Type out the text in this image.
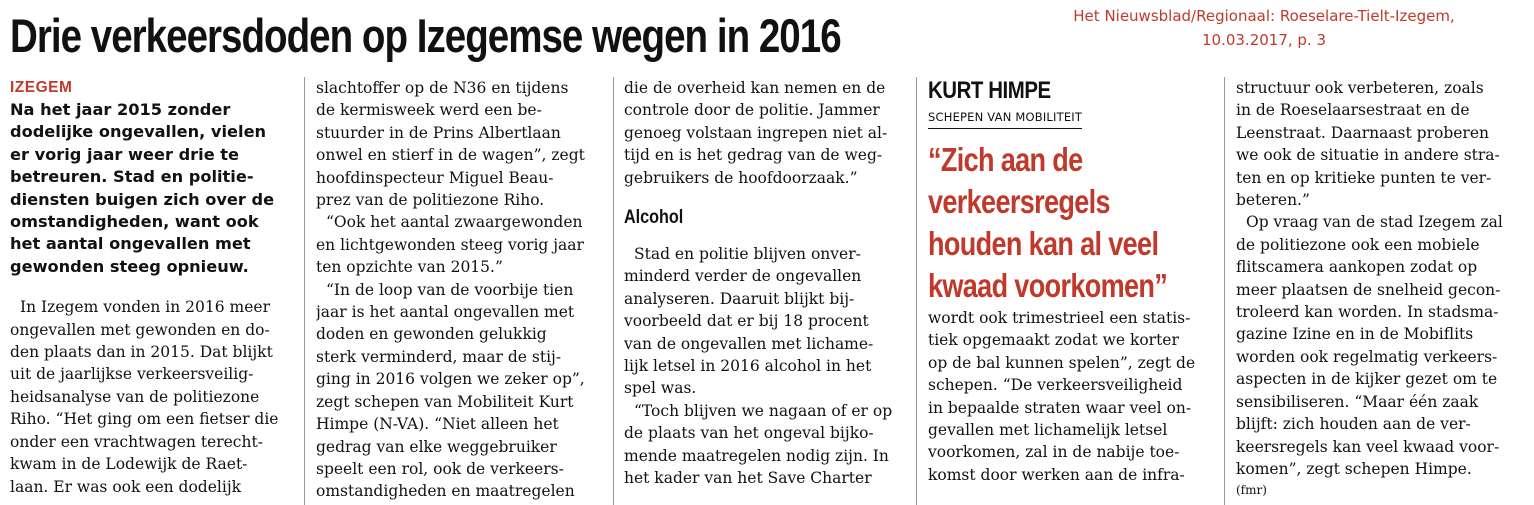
Drie verkeersdoden op Izegemse wegen in 2016	Het Nieuwsblad/Regionaal: Roeselare-Tielt-Izegem,
10.03.2017, p. 3
IZEGEM

Na het jaar 2015 zonder

dodelijke ongevallen, vielen

er vorig jaar weer drie te

betreuren. Stad en politie-

diensten buigen zich over de

omstandigheden, want ook

het aantal ongevallen met

gewonden steeg opnieuw.

In Izegem vonden in 2016 meer

ongevallen met gewonden en do-

den plaats dan in 2015. Dat blijkt

uit de jaarlijkse verkeersveilig-

heidsanalyse van de politiezone

Riho. “Het ging om een fietser die

onder een vrachtwagen terecht-

kwam in de Lodewijk de Raet-

laan. Er was ook een dodelijk

slachtoffer op de N36 en tijdens

de kermisweek werd een be-

stuurder in de Prins Albertlaan

onwel en stierf in de wagen”, zegt

hoofdinspecteur Miguel Beau-

prez van de politiezone Riho.

“Ook het aantal zwaargewonden

en lichtgewonden steeg vorig jaar

ten opzichte van 2015.”

“In de loop van de voorbije tien

jaar is het aantal ongevallen met

doden en gewonden gelukkig

sterk verminderd, maar de stij-

ging in 2016 volgen we zeker op”,

zegt schepen van Mobiliteit Kurt

Himpe (N-VA). “Niet alleen het

gedrag van elke weggebruiker

speelt een rol, ook de verkeers-

omstandigheden en maatregelen

die de overheid kan nemen en de

controle door de politie. Jammer

genoeg volstaan ingrepen niet al-

tijd en is het gedrag van de weg-

gebruikers de hoofdoorzaak.”

Alcohol

Stad en politie blijven onver-

minderd verder de ongevallen

analyseren. Daaruit blijkt bij-

voorbeeld dat er bij 18 procent

van de ongevallen met lichame-

lijk letsel in 2016 alcohol in het

spel was.

“Toch blijven we nagaan of er op

de plaats van het ongeval bijko-

mende maatregelen nodig zijn. In

het kader van het Save Charter

KURT HIMPE
SCHEPEN VAN MOBILITEIT
“Zich aan de
verkeersregels
houden kan al veel
kwaad voorkomen”

wordt ook trimestrieel een statis-

tiek opgemaakt zodat we korter

op de bal kunnen spelen”, zegt de

schepen. “De verkeersveiligheid

in bepaalde straten waar veel on-

gevallen met lichamelijk letsel

voorkomen, zal in de nabije toe-

komst door werken aan de infra-

structuur ook verbeteren, zoals

in de Roeselaarsestraat en de

Leenstraat. Daarnaast proberen

we ook de situatie in andere stra-

ten en op kritieke punten te ver-

beteren.”

Op vraag van de stad Izegem zal

de politiezone ook een mobiele

flitscamera aankopen zodat op

meer plaatsen de snelheid gecon-

troleerd kan worden. In stadsma-

gazine Izine en in de Mobiflits

worden ook regelmatig verkeers-

aspecten in de kijker gezet om te

sensibiliseren. “Maar één zaak

blijft: zich houden aan de ver-

keersregels kan veel kwaad voor-

komen”, zegt schepen Himpe.

(fmr)
